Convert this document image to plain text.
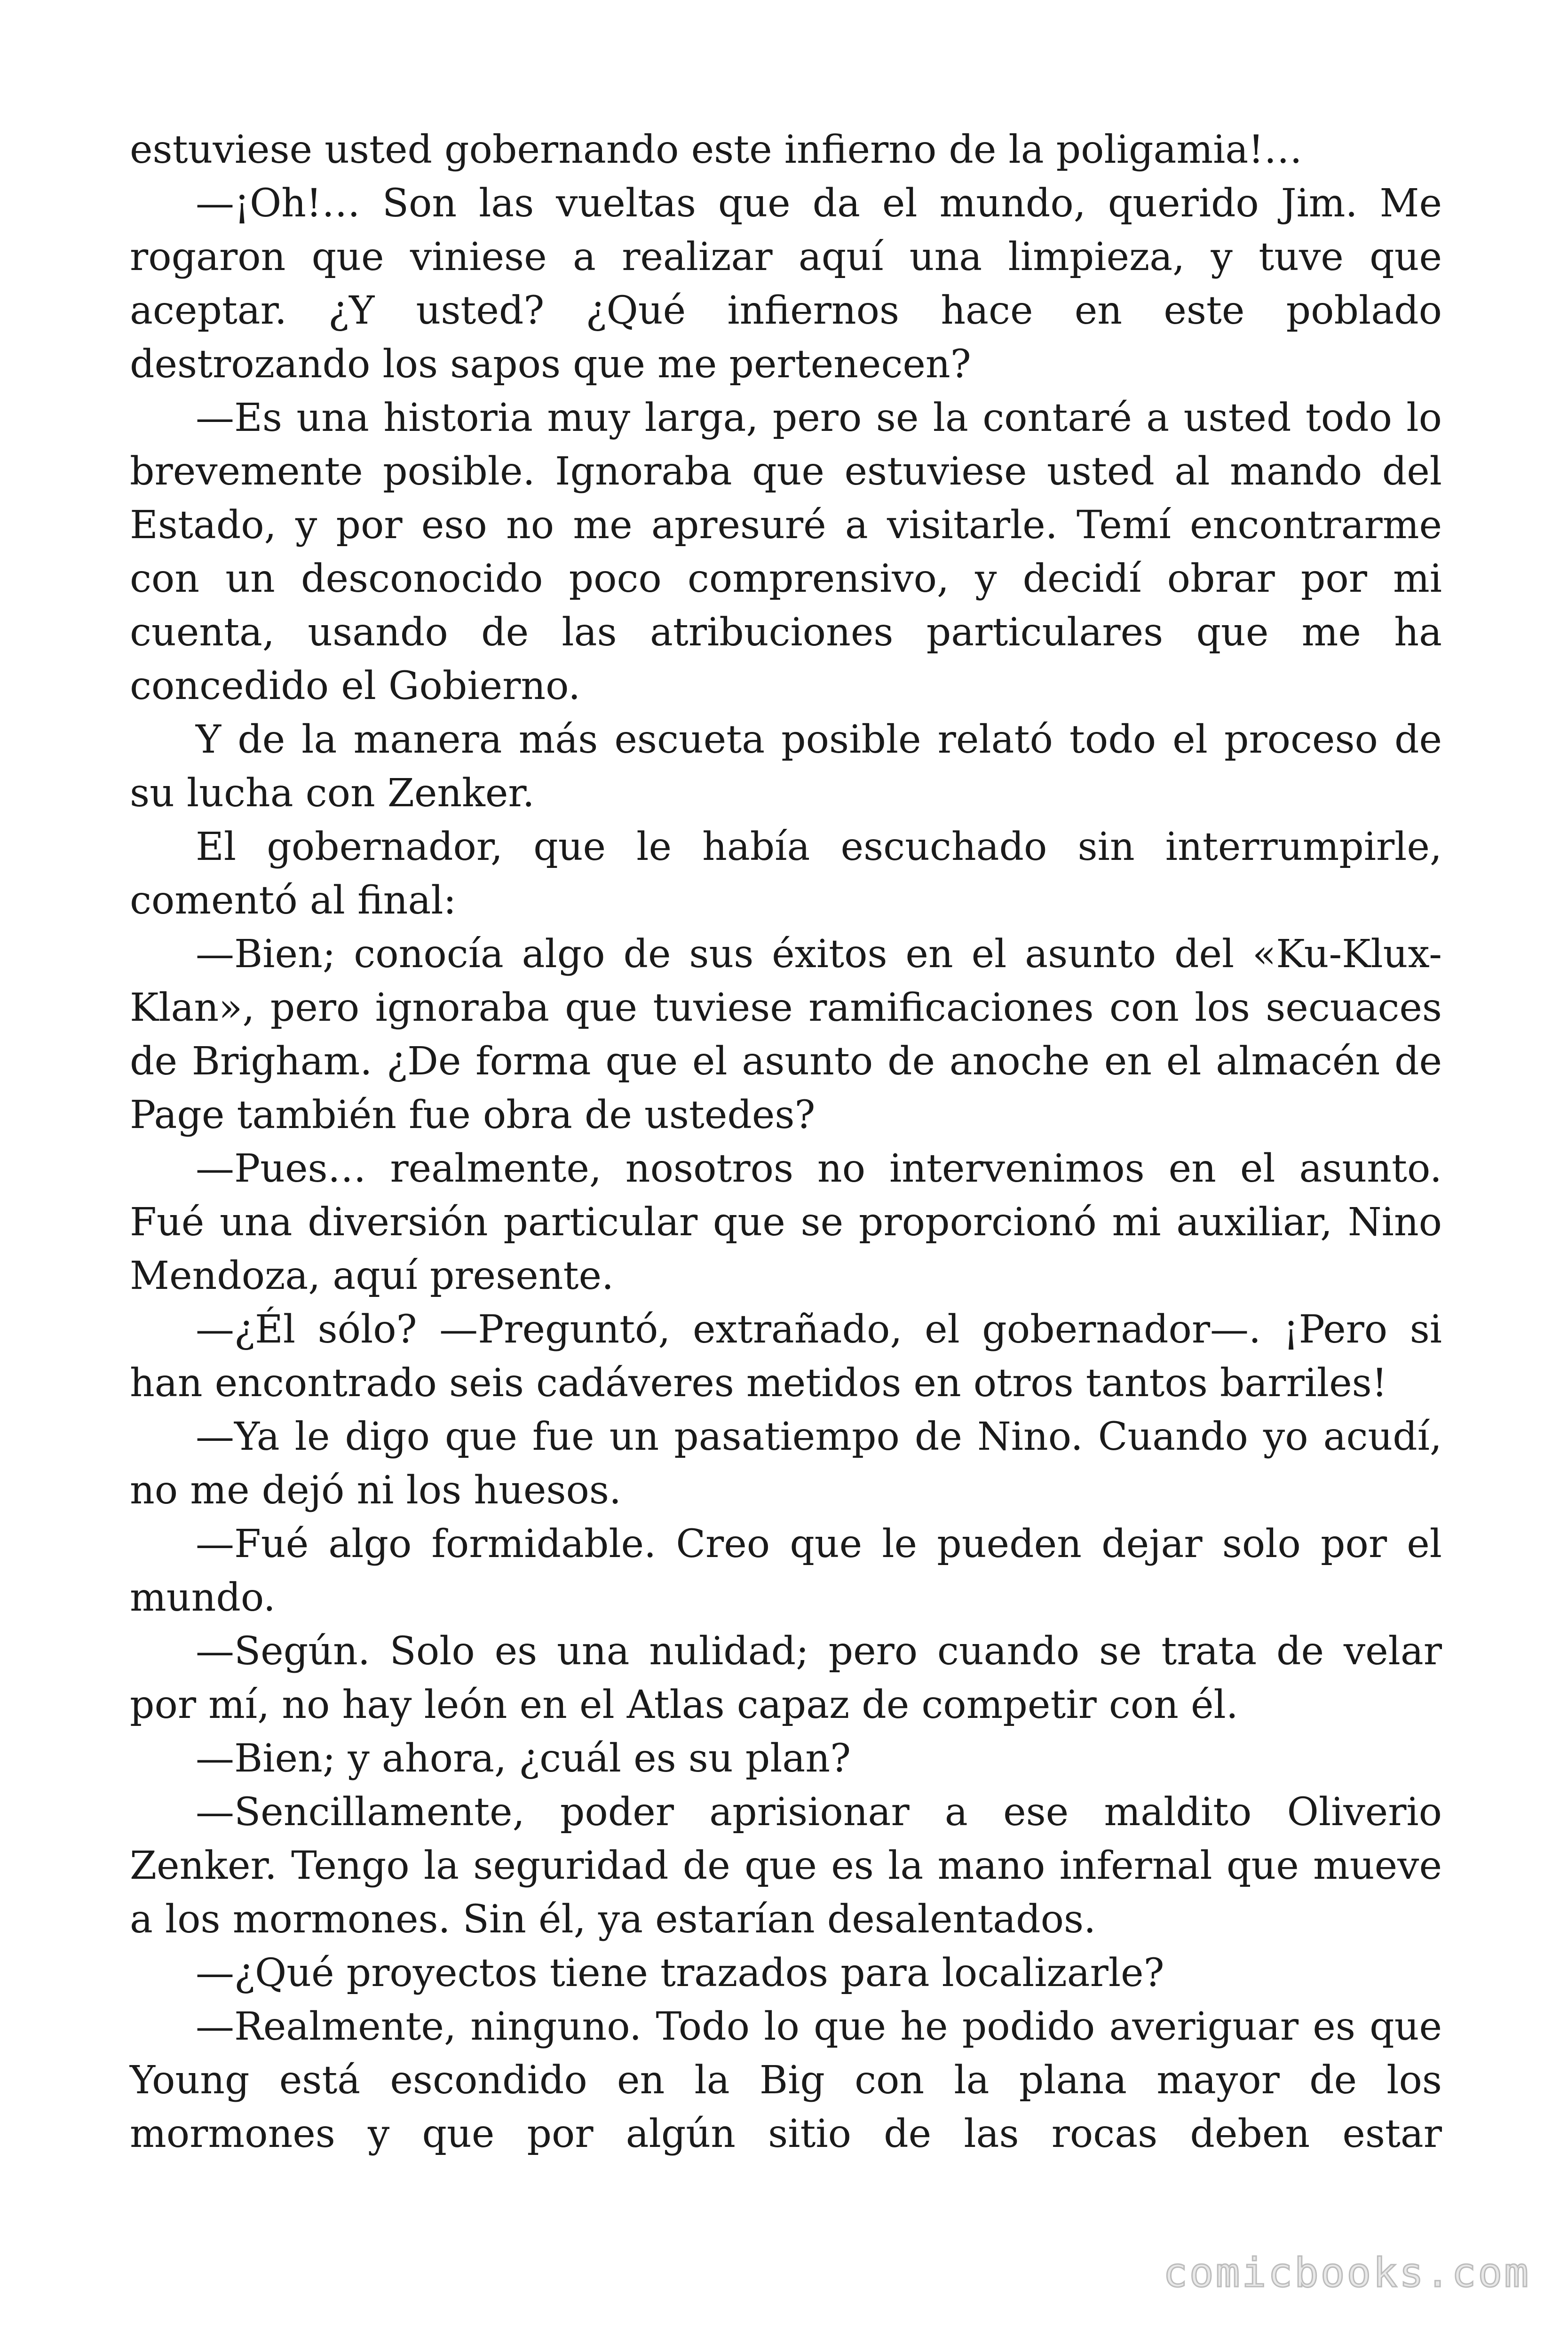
estuviese usted gobernando este infierno de la poligamia!…

—¡Oh!… Son las vueltas que da el mundo, querido Jim. Me rogaron que viniese a realizar aquí una limpieza, y tuve que aceptar. ¿Y usted? ¿Qué infiernos hace en este poblado destrozando los sapos que me pertenecen?

—Es una historia muy larga, pero se la contaré a usted todo lo brevemente posible. Ignoraba que estuviese usted al mando del Estado, y por eso no me apresuré a visitarle. Temí encontrarme con un desconocido poco comprensivo, y decidí obrar por mi cuenta, usando de las atribuciones particulares que me ha concedido el Gobierno.

Y de la manera más escueta posible relató todo el proceso de su lucha con Zenker.

El gobernador, que le había escuchado sin interrumpirle, comentó al final:

—Bien; conocía algo de sus éxitos en el asunto del «Ku-Klux-Klan», pero ignoraba que tuviese ramificaciones con los secuaces de Brigham. ¿De forma que el asunto de anoche en el almacén de Page también fue obra de ustedes?

—Pues… realmente, nosotros no intervenimos en el asunto. Fué una diversión particular que se proporcionó mi auxiliar, Nino Mendoza, aquí presente.

—¿Él sólo? —Preguntó, extrañado, el gobernador—. ¡Pero si han encontrado seis cadáveres metidos en otros tantos barriles!

—Ya le digo que fue un pasatiempo de Nino. Cuando yo acudí, no me dejó ni los huesos.

—Fué algo formidable. Creo que le pueden dejar solo por el mundo.

—Según. Solo es una nulidad; pero cuando se trata de velar por mí, no hay león en el Atlas capaz de competir con él.

—Bien; y ahora, ¿cuál es su plan?

—Sencillamente, poder aprisionar a ese maldito Oliverio Zenker. Tengo la seguridad de que es la mano infernal que mueve a los mormones. Sin él, ya estarían desalentados.

—¿Qué proyectos tiene trazados para localizarle?

—Realmente, ninguno. Todo lo que he podido averiguar es que Young está escondido en la Big con la plana mayor de los mormones y que por algún sitio de las rocas deben estar

comicbooks.com
